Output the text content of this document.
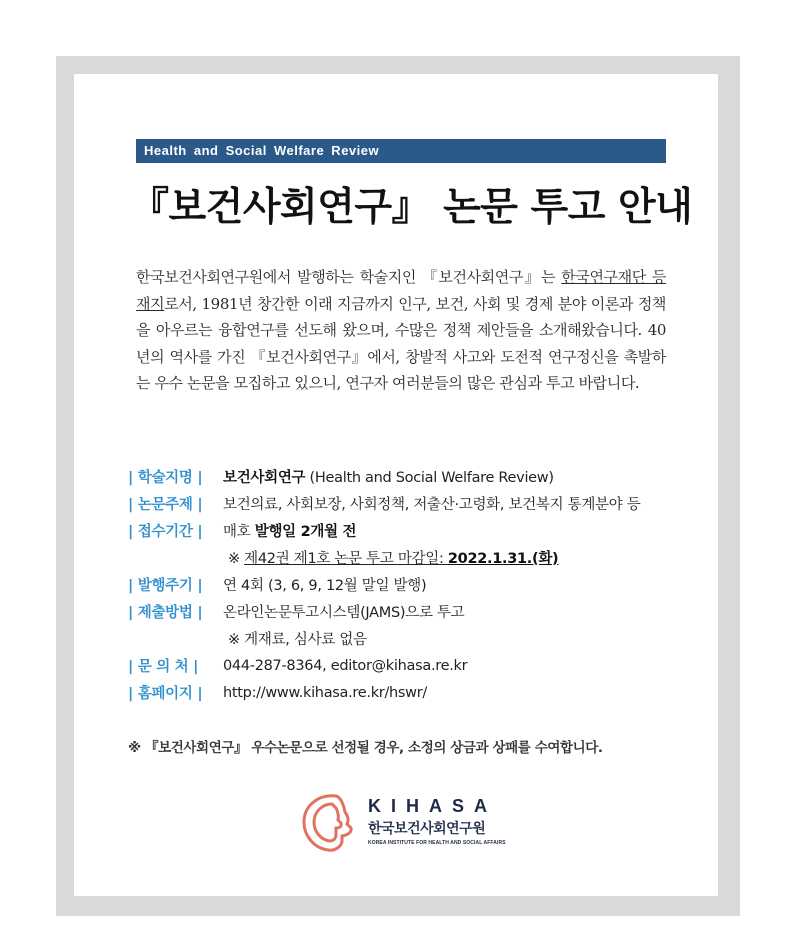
Health and Social Welfare Review
『보건사회연구』 논문 투고 안내
한국보건사회연구원에서 발행하는 학술지인 『보건사회연구』는 한국연구재단 등재지로서, 1981년 창간한 이래 지금까지 인구, 보건, 사회 및 경제 분야 이론과 정책을 아우르는 융합연구를 선도해 왔으며, 수많은 정책 제안들을 소개해왔습니다. 40년의 역사를 가진 『보건사회연구』에서, 창발적 사고와 도전적 연구정신을 촉발하는 우수 논문을 모집하고 있으니, 연구자 여러분들의 많은 관심과 투고 바랍니다.
| 학술지명 |	보건사회연구 (Health and Social Welfare Review)
| 논문주제 |	보건의료, 사회보장, 사회정책, 저출산·고령화, 보건복지 통계분야 등
| 접수기간 |	매호 발행일 2개월 전
※ 제42권 제1호 논문 투고 마감일: 2022.1.31.(화)
| 발행주기 |	연 4회 (3, 6, 9, 12월 말일 발행)
| 제출방법 |	온라인논문투고시스템(JAMS)으로 투고
※ 게재료, 심사료 없음
| 문 의 처 |	044-287-8364, editor@kihasa.re.kr
| 홈페이지 |	http://www.kihasa.re.kr/hswr/
※ 『보건사회연구』 우수논문으로 선정될 경우, 소정의 상금과 상패를 수여합니다.
KIHASA
한국보건사회연구원
KOREA INSTITUTE FOR HEALTH AND SOCIAL AFFAIRS
